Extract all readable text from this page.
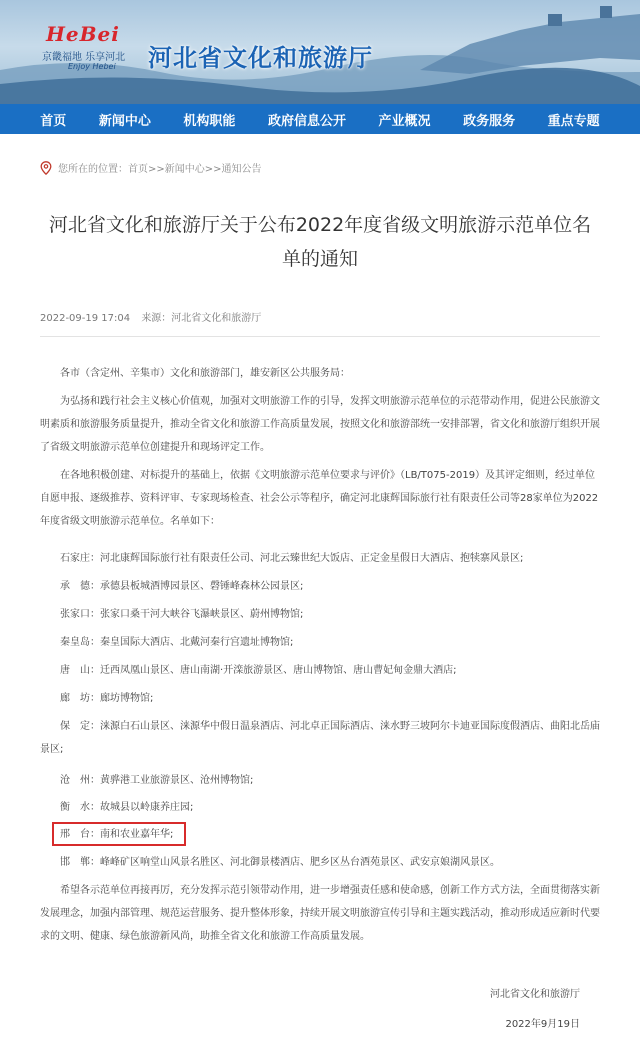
HeBei
京畿福地 乐享河北
Enjoy Hebei 河北省文化和旅游厅
首页	新闻中心	机构职能	政府信息公开	产业概况	政务服务	重点专题
您所在的位置：首页>>新闻中心>>通知公告
河北省文化和旅游厅关于公布2022年度省级文明旅游示范单位名单的通知
2022-09-19 17:04 来源：河北省文化和旅游厅
各市（含定州、辛集市）文化和旅游部门，雄安新区公共服务局：
为弘扬和践行社会主义核心价值观，加强对文明旅游工作的引导，发挥文明旅游示范单位的示范带动作用，促进公民旅游文明素质和旅游服务质量提升，推动全省文化和旅游工作高质量发展，按照文化和旅游部统一安排部署，省文化和旅游厅组织开展了省级文明旅游示范单位创建提升和现场评定工作。
在各地积极创建、对标提升的基础上，依据《文明旅游示范单位要求与评价》（LB/T075-2019）及其评定细则，经过单位自愿申报、逐级推荐、资料评审、专家现场检查、社会公示等程序，确定河北康辉国际旅行社有限责任公司等28家单位为2022年度省级文明旅游示范单位。名单如下：
石家庄：河北康辉国际旅行社有限责任公司、河北云臻世纪大饭店、正定金星假日大酒店、抱犊寨风景区;
承　德：承德县板城酒博园景区、磬锤峰森林公园景区;
张家口：张家口桑干河大峡谷飞瀑峡景区、蔚州博物馆;
秦皇岛：秦皇国际大酒店、北戴河秦行宫遗址博物馆;
唐　山：迁西凤凰山景区、唐山南湖·开滦旅游景区、唐山博物馆、唐山曹妃甸金鼎大酒店;
廊　坊：廊坊博物馆;
保　定：涞源白石山景区、涞源华中假日温泉酒店、河北卓正国际酒店、涞水野三坡阿尔卡迪亚国际度假酒店、曲阳北岳庙景区;
沧　州：黄骅港工业旅游景区、沧州博物馆;
衡　水：故城县以岭康养庄园;
邢　台：南和农业嘉年华;
邯　郸：峰峰矿区响堂山风景名胜区、河北御景楼酒店、肥乡区丛台酒苑景区、武安京娘湖风景区。
希望各示范单位再接再厉，充分发挥示范引领带动作用，进一步增强责任感和使命感，创新工作方式方法，全面贯彻落实新发展理念，加强内部管理、规范运营服务、提升整体形象，持续开展文明旅游宣传引导和主题实践活动，推动形成适应新时代要求的文明、健康、绿色旅游新风尚，助推全省文化和旅游工作高质量发展。
河北省文化和旅游厅
2022年9月19日
